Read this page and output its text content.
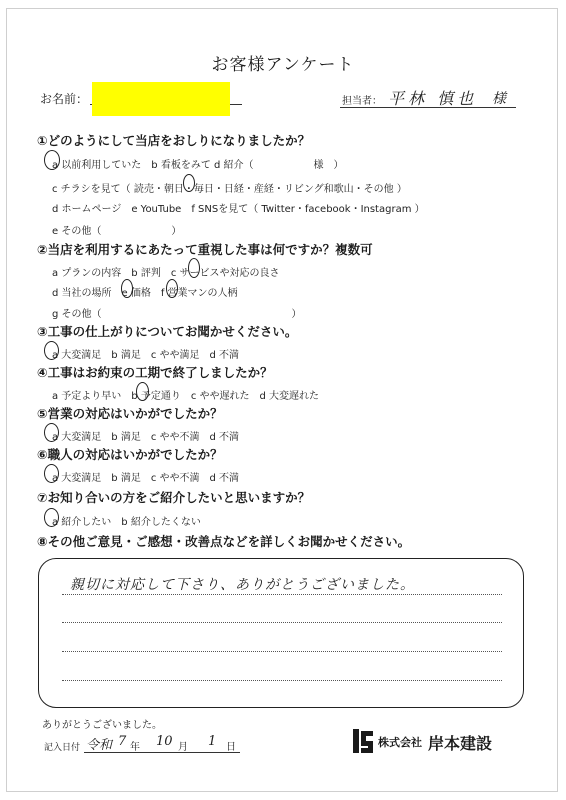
お客様アンケート
お名前：	担当者： 平林 慎也 様
①どのようにして当店をおしりになりましたか？
a 以前利用していた　b 看板をみて d 紹介（　　　　　　様　）
c チラシを見て（ 読売・朝日・毎日・日経・産経・リビング和歌山・その他 ）
d ホームページ　e YouTube　f SNSを見て（ Twitter・facebook・Instagram ）
e その他（　　　　　　　）
②当店を利用するにあたって重視した事は何ですか？複数可
a プランの内容　b 評判　c サービスや対応の良さ
d 当社の場所　e 価格　f 営業マンの人柄
g その他（　　　　　　　　　　　　　　　　　　　）
③工事の仕上がりについてお聞かせください。
a 大変満足　b 満足　c やや満足　d 不満
④工事はお約束の工期で終了しましたか？
a 予定より早い　b 予定通り　c やや遅れた　d 大変遅れた
⑤営業の対応はいかがでしたか？
a 大変満足　b 満足　c やや不満　d 不満
⑥職人の対応はいかがでしたか？
a 大変満足　b 満足　c やや不満　d 不満
⑦お知り合いの方をご紹介したいと思いますか？
a 紹介したい　b 紹介したくない
⑧その他ご意見・ご感想・改善点などを詳しくお聞かせください。
親切に対応して下さり、ありがとうございました。
ありがとうございました。
記入日付 令和 7 年 10 月 1 日	株式会社 岸本建設
